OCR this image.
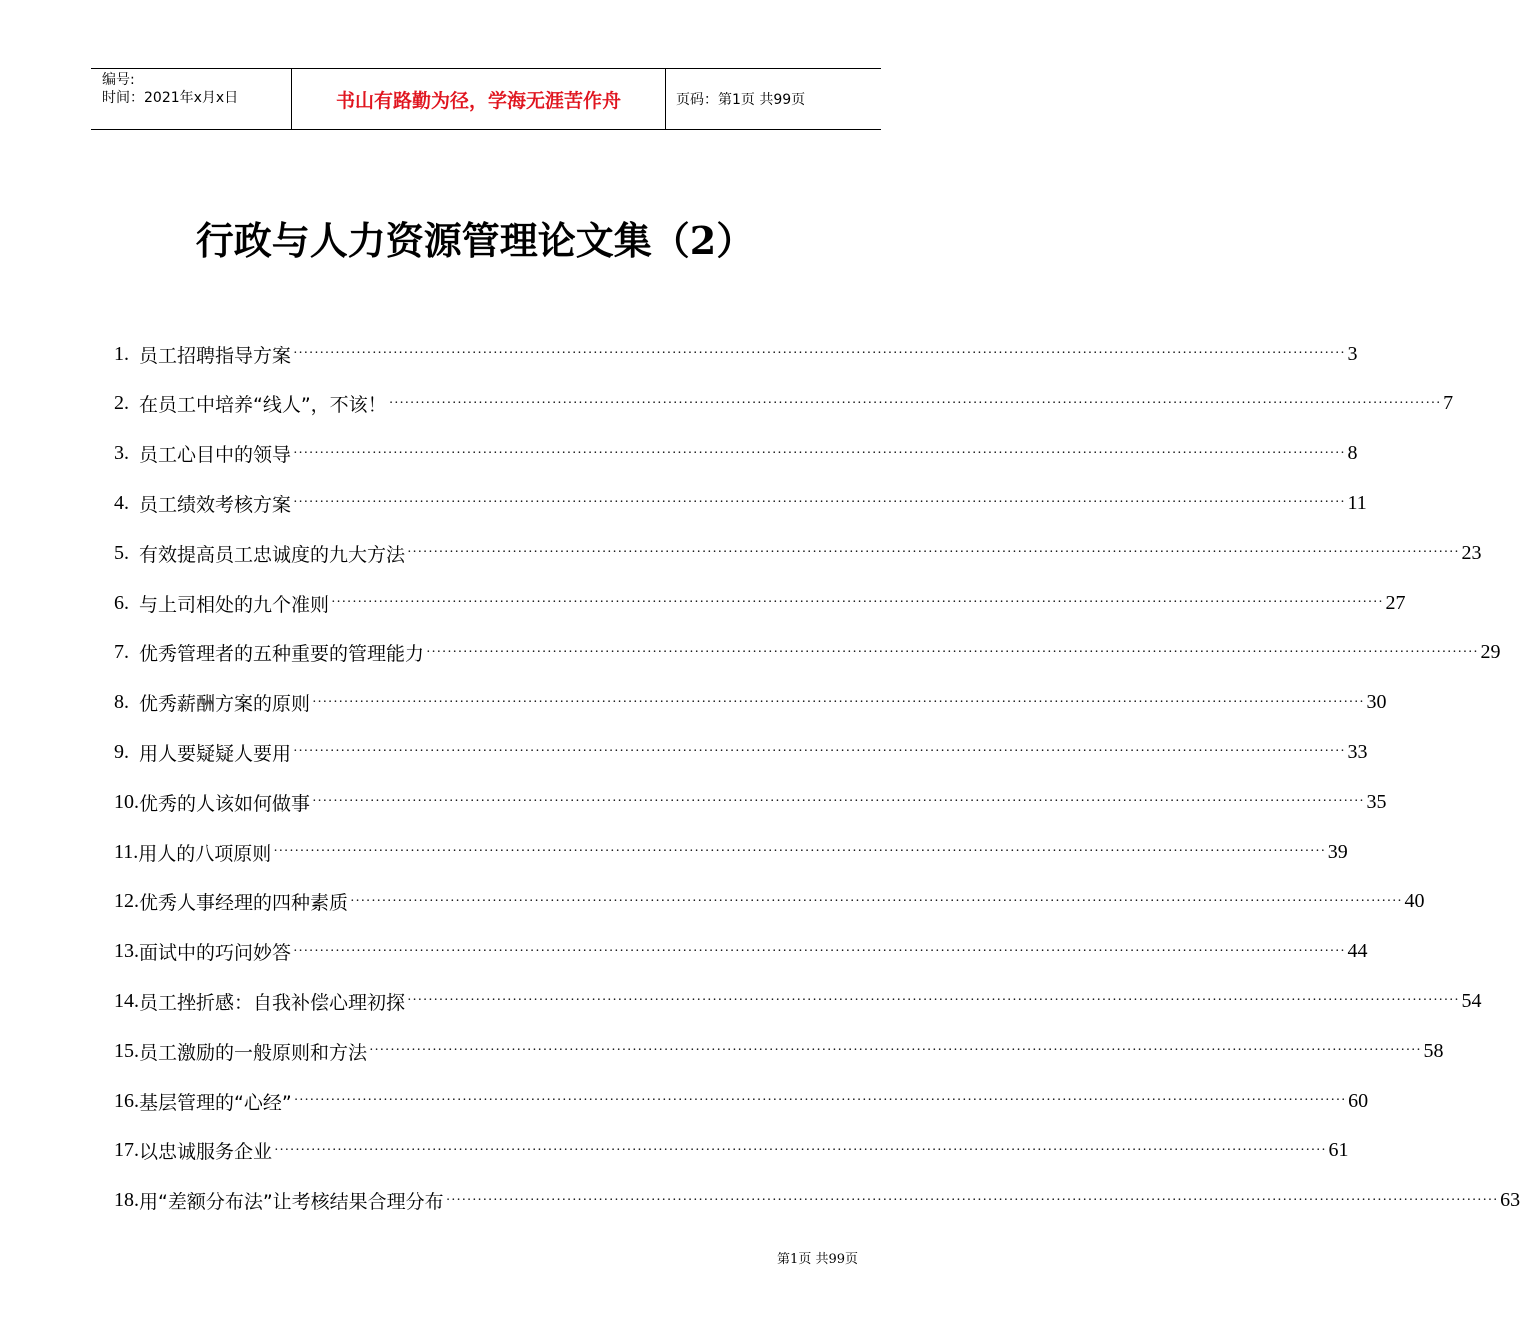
编号:
时间：2021年x月x日	书山有路勤为径，学海无涯苦作舟	页码：第1页 共99页
行政与人力资源管理论文集（2）
1. 员工招聘指导方案 ········································································································································································································ 3
2. 在员工中培养“线人”，不该！ ········································································································································································································ 7
3. 员工心目中的领导 ········································································································································································································ 8
4. 员工绩效考核方案 ········································································································································································································ 11
5. 有效提高员工忠诚度的九大方法 ········································································································································································································ 23
6. 与上司相处的九个准则 ········································································································································································································ 27
7. 优秀管理者的五种重要的管理能力 ········································································································································································································ 29
8. 优秀薪酬方案的原则 ········································································································································································································ 30
9. 用人要疑疑人要用 ········································································································································································································ 33
10. 优秀的人该如何做事 ········································································································································································································ 35
11. 用人的八项原则 ········································································································································································································ 39
12. 优秀人事经理的四种素质 ········································································································································································································ 40
13. 面试中的巧问妙答 ········································································································································································································ 44
14. 员工挫折感：自我补偿心理初探 ········································································································································································································ 54
15. 员工激励的一般原则和方法 ········································································································································································································ 58
16. 基层管理的“心经” ········································································································································································································ 60
17. 以忠诚服务企业 ········································································································································································································ 61
18. 用“差额分布法”让考核结果合理分布 ········································································································································································································ 63
第1页 共99页
